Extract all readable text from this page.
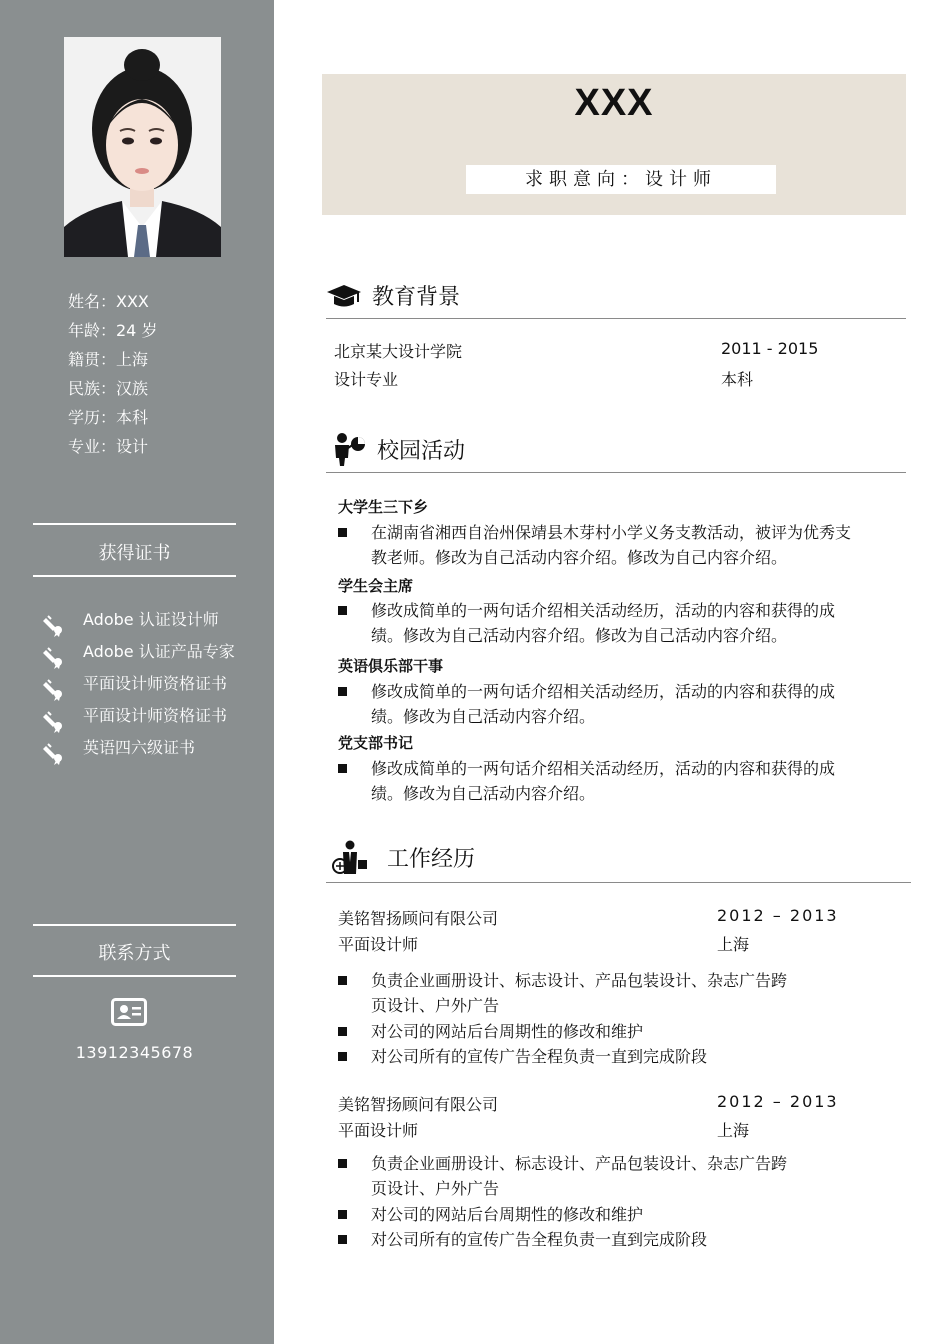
姓名：XXX
年龄：24 岁
籍贯：上海
民族：汉族
学历：本科
专业：设计
获得证书
Adobe 认证设计师
Adobe 认证产品专家
平面设计师资格证书
平面设计师资格证书
英语四六级证书
联系方式
13912345678
XXX
求职意向：设计师
教育背景
北京某大设计学院	2011 - 2015
设计专业	本科
校园活动
大学生三下乡
在湖南省湘西自治州保靖县木芽村小学义务支教活动，被评为优秀支教老师。修改为自己活动内容介绍。修改为自己内容介绍。
学生会主席
修改成简单的一两句话介绍相关活动经历，活动的内容和获得的成绩。修改为自己活动内容介绍。修改为自己活动内容介绍。
英语俱乐部干事
修改成简单的一两句话介绍相关活动经历，活动的内容和获得的成绩。修改为自己活动内容介绍。
党支部书记
修改成简单的一两句话介绍相关活动经历，活动的内容和获得的成绩。修改为自己活动内容介绍。
工作经历
美铭智扬顾问有限公司	2012 – 2013
平面设计师	上海
负责企业画册设计、标志设计、产品包装设计、杂志广告跨页设计、户外广告
对公司的网站后台周期性的修改和维护
对公司所有的宣传广告全程负责一直到完成阶段
美铭智扬顾问有限公司	2012 – 2013
平面设计师	上海
负责企业画册设计、标志设计、产品包装设计、杂志广告跨页设计、户外广告
对公司的网站后台周期性的修改和维护
对公司所有的宣传广告全程负责一直到完成阶段
